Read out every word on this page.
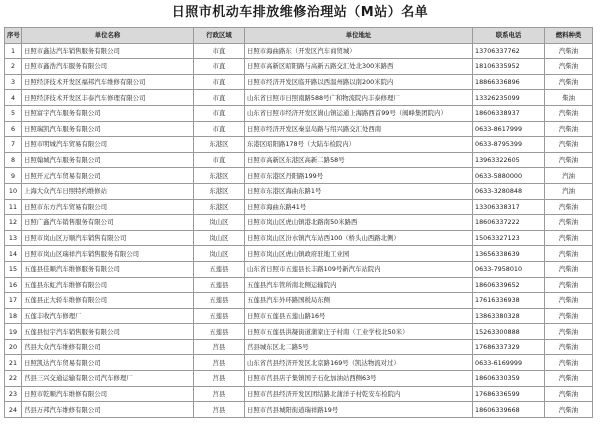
日照市机动车排放维修治理站（M站）名单
序号	单位名称	行政区域	单位地址	联系电话	燃料种类
1	日照市鑫达汽车销售服务有限公司	市直	日照市海曲路东（开发区汽车商贸城）	13706337762	汽柴油
2	日照市鑫浩汽车服务有限公司	市直	日照市高新区昭阳路与高新五路交汇处北300米路西	18106335952	汽柴油
3	日照经济技术开发区福邦汽车维修有限公司	市直	日照市经济开发区临开路以西温州路以南200米院内	18866336896	汽柴油
4	日照经济技术开发区丰泰汽车修理有限公司	市直	山东省日照市日照南路588号广和物流院内丰泰修理厂	13326235099	柴油
5	日照富宇汽车服务有限公司	市直	山东省日照市经济开发区崮山镇运通上海路西首99号（阀峰集团院内）	18606338937	汽柴油
6	日照瑞凯汽车服务有限公司	市直	日照市经济开发区秦皇岛路与绍兴路交汇处西南	0633-8617999	汽柴油
7	日照市明城汽车贸易有限公司	东港区	东港区昭阳路178号（大陆车检院内）	0633-8795399	汽柴油
8	日照翰城汽车服务有限公司	市直	日照市高新区东港区高新二路58号	13963322605	汽柴油
9	日照开元汽车贸易有限公司	东港区	日照市东港区丹阳路199号	0633-5880000	汽油
10	上海大众汽车日照特约维修站	东港区	日照市东港区海曲东路1号	0633-3280848	汽油
11	日照市东方汽车贸易有限公司	东港区	日照市海曲东路41号	13306338317	汽柴油
12	日照广鑫汽车销售服务有限公司	岚山区	日照市岚山区虎山镇港北路南50米路西	18606337222	汽柴油
13	日照市岚山区万顺汽车销售有限公司	岚山区	日照市岚山区汾水镇汽车站西100（桥头山西路北侧）	15063327123	汽柴油
14	日照市岚山区瑞祥汽车销售服务有限公司	岚山区	日照市岚山区虎山镇政府驻地工业园	13656338639	汽柴油
15	五莲县佳顺汽车维修服务有限公司	五莲县	山东省日照市五莲县长丰路109号新汽车站院内	0633-7958010	汽柴油
16	五莲县东虹汽车维修有限公司	五莲县	五莲县汽车管所南北侧运输院内	18606339652	汽柴油
17	五莲县正大轿车维修有限公司	五莲县	五莲县汽车外环路国税局东侧	17616336938	汽柴油
18	五莲丰收汽车修理厂	五莲县	日照市五莲县五莲山路16号	13863380328	汽柴油
19	五莲县恒宇汽车销售服务有限公司	五莲县	日照市五莲县洪凝街道蒲家庄子村南（工业学校北50米）	15263300888	汽柴油
20	莒县大众汽车维修有限公司	莒县	莒县城东区北二路5号	17686337329	汽柴油
21	日照凯达汽车贸易有限公司	莒县	山东省莒县经济开发区北京路169号（凯达物流对过）	0633-6169999	汽柴油
22	莒县三兴交通运输有限公司汽车修理厂	莒县	日照市莒县店子集镇国子石化加油站西侧63号	18606330359	汽柴油
23	日照市乾顺汽车维修有限公司	莒县	日照市莒县经济开发区团结路北蒲洋子村乾安车检院内	17686336599	汽柴油
24	莒县万邦汽车维修有限公司	莒县	日照市莒县城阳街道瑞祥路19号	18606339668	汽柴油
